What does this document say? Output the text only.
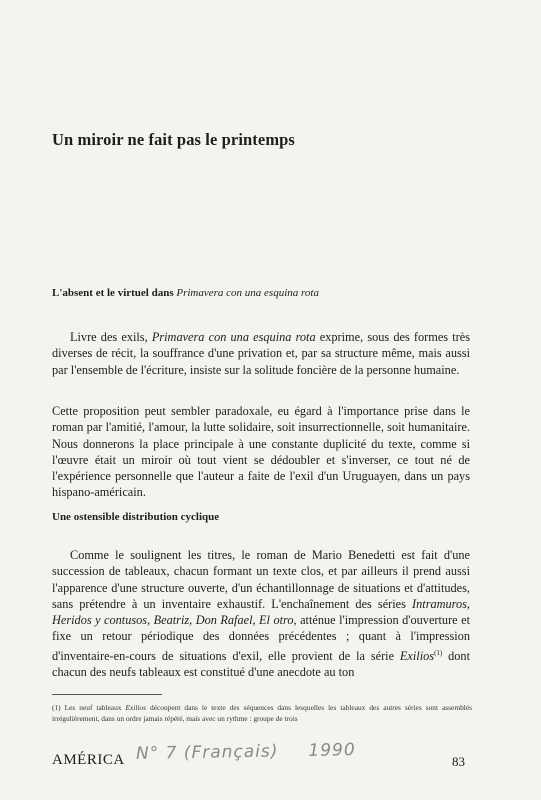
Un miroir ne fait pas le printemps
L'absent et le virtuel dans Primavera con una esquina rota

Livre des exils, Primavera con una esquina rota exprime, sous des formes très diverses de récit, la souffrance d'une privation et, par sa structure même, mais aussi par l'ensemble de l'écriture, insiste sur la solitude foncière de la personne humaine.

Cette proposition peut sembler paradoxale, eu égard à l'importance prise dans le roman par l'amitié, l'amour, la lutte solidaire, soit insurrectionnelle, soit humanitaire. Nous donnerons la place principale à une constante duplicité du texte, comme si l'œuvre était un miroir où tout vient se dédoubler et s'inverser, ce tout né de l'expérience personnelle que l'auteur a faite de l'exil d'un Uruguayen, dans un pays hispano-américain.

Une ostensible distribution cyclique

Comme le soulignent les titres, le roman de Mario Benedetti est fait d'une succession de tableaux, chacun formant un texte clos, et par ailleurs il prend aussi l'apparence d'une structure ouverte, d'un échantillonnage de situations et d'attitudes, sans prétendre à un inventaire exhaustif. L'enchaînement des séries Intramuros, Heridos y contusos, Beatriz, Don Rafael, El otro, atténue l'impression d'ouverture et fixe un retour périodique des données précédentes ; quant à l'impression d'inventaire-en-cours de situations d'exil, elle provient de la série Exilios$^{(1)}$ dont chacun des neufs tableaux est constitué d'une anecdote au ton

(1) Les neuf tableaux Exilios découpent dans le texte des séquences dans lesquelles les tableaux des autres séries sont assemblés irrégulièrement, dans un ordre jamais répété, mais avec un rythme : groupe de trois
AMÉRICA N° 7 (Français) 1990
83
